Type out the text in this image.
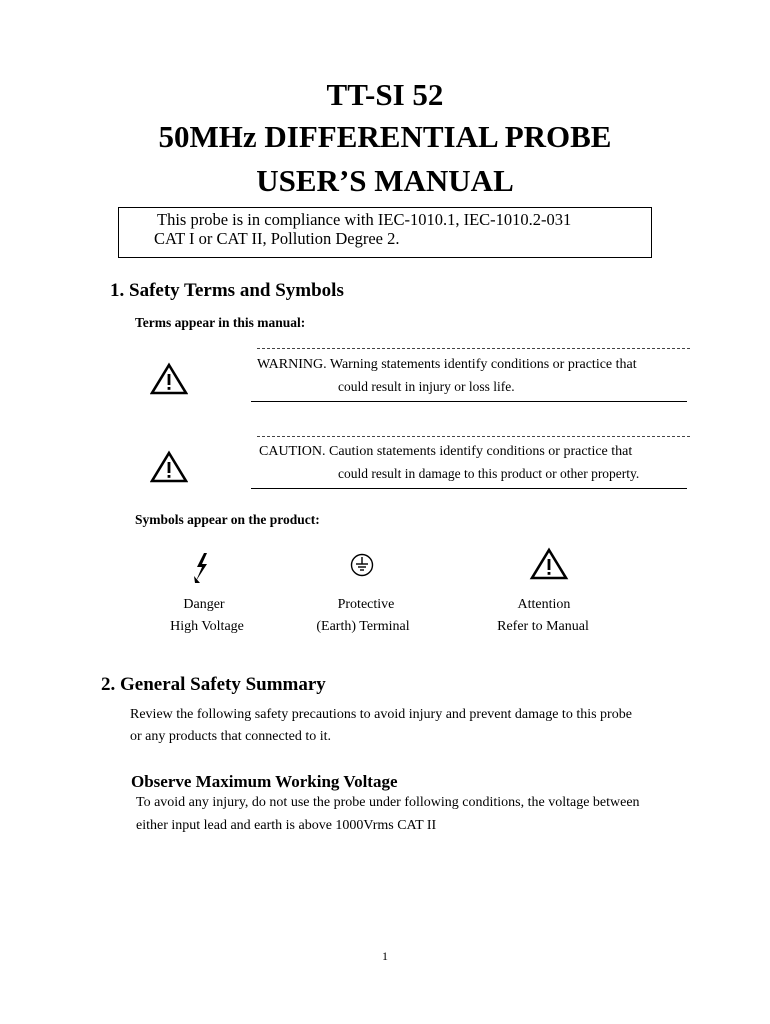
TT-SI 52
50MHz DIFFERENTIAL PROBE
USER’S MANUAL
This probe is in compliance with IEC-1010.1, IEC-1010.2-031
CAT I or CAT II, Pollution Degree 2.
1. Safety Terms and Symbols
Terms appear in this manual:
WARNING. Warning statements identify conditions or practice that
could result in injury or loss life.
CAUTION. Caution statements identify conditions or practice that
could result in damage to this product or other property.
Symbols appear on the product:
Danger
High Voltage
Protective
(Earth) Terminal
Attention
Refer to Manual
2. General Safety Summary
Review the following safety precautions to avoid injury and prevent damage to this probe
or any products that connected to it.
Observe Maximum Working Voltage
To avoid any injury, do not use the probe under following conditions, the voltage between
either input lead and earth is above 1000Vrms CAT II
1
